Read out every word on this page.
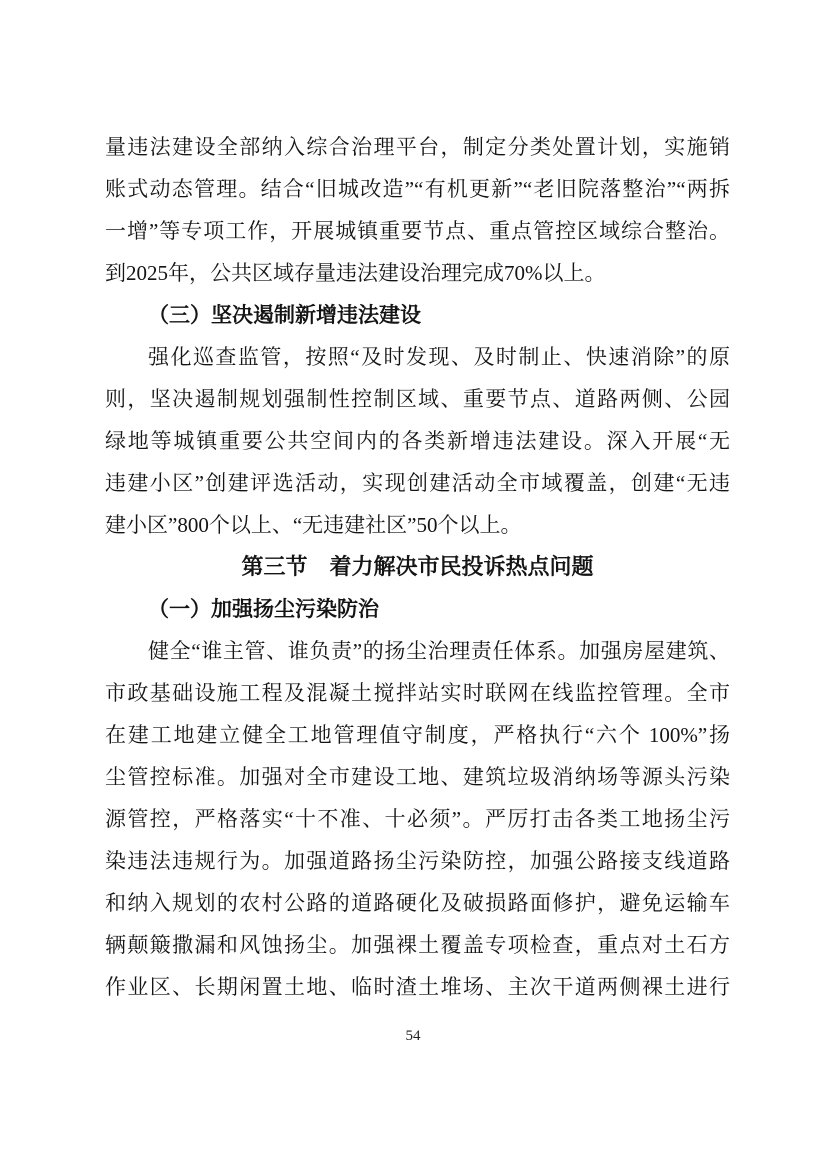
量违法建设全部纳入综合治理平台，制定分类处置计划，实施销
账式动态管理。结合“旧城改造”“有机更新”“老旧院落整治”“两拆
一增”等专项工作，开展城镇重要节点、重点管控区域综合整治。
到2025年，公共区域存量违法建设治理完成70%以上。
（三）坚决遏制新增违法建设
强化巡查监管，按照“及时发现、及时制止、快速消除”的原
则，坚决遏制规划强制性控制区域、重要节点、道路两侧、公园
绿地等城镇重要公共空间内的各类新增违法建设。深入开展“无
违建小区”创建评选活动，实现创建活动全市域覆盖，创建“无违
建小区”800个以上、“无违建社区”50个以上。
第三节　着力解决市民投诉热点问题
（一）加强扬尘污染防治
健全“谁主管、谁负责”的扬尘治理责任体系。加强房屋建筑、
市政基础设施工程及混凝土搅拌站实时联网在线监控管理。全市
在建工地建立健全工地管理值守制度，严格执行“六个 100%”扬
尘管控标准。加强对全市建设工地、建筑垃圾消纳场等源头污染
源管控，严格落实“十不准、十必须”。严厉打击各类工地扬尘污
染违法违规行为。加强道路扬尘污染防控，加强公路接支线道路
和纳入规划的农村公路的道路硬化及破损路面修护，避免运输车
辆颠簸撒漏和风蚀扬尘。加强裸土覆盖专项检查，重点对土石方
作业区、长期闲置土地、临时渣土堆场、主次干道两侧裸土进行
54
